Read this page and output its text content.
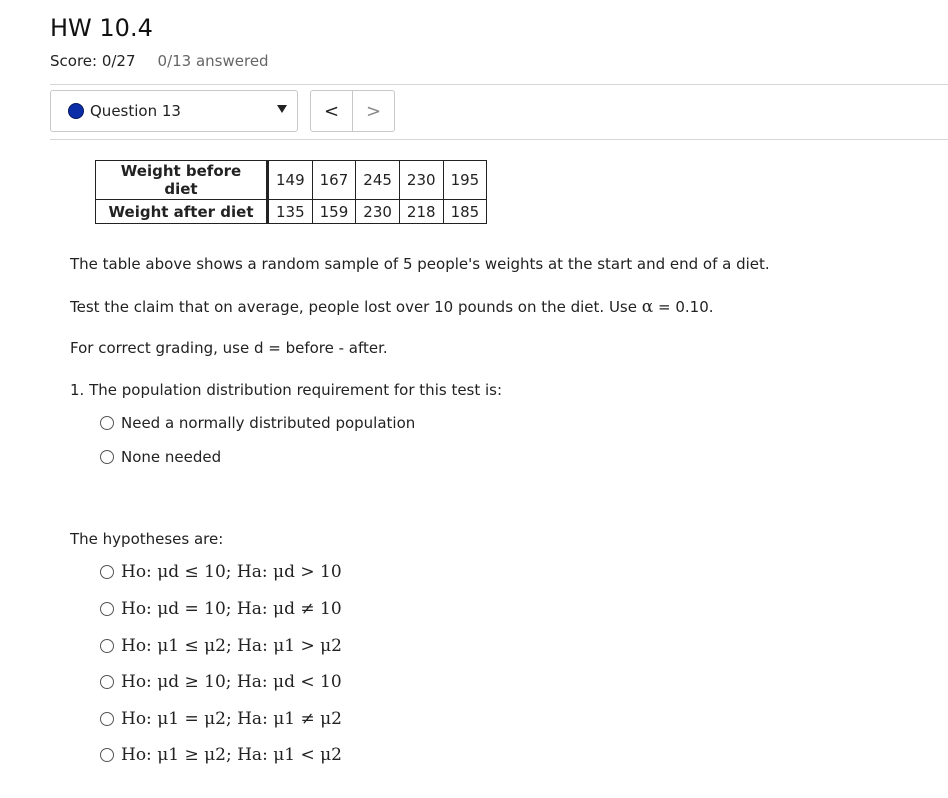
HW 10.4
Score: 0/27 0/13 answered
Question 13	<	>
Weight before diet	149	167	245	230	195
Weight after diet	135	159	230	218	185
The table above shows a random sample of 5 people's weights at the start and end of a diet.
Test the claim that on average, people lost over 10 pounds on the diet. Use α = 0.10.
For correct grading, use d = before - after.
1. The population distribution requirement for this test is:
Need a normally distributed population
None needed
The hypotheses are:
Ho: μd ≤ 10; Ha: μd > 10
Ho: μd = 10; Ha: μd ≠ 10
Ho: μ1 ≤ μ2; Ha: μ1 > μ2
Ho: μd ≥ 10; Ha: μd < 10
Ho: μ1 = μ2; Ha: μ1 ≠ μ2
Ho: μ1 ≥ μ2; Ha: μ1 < μ2
